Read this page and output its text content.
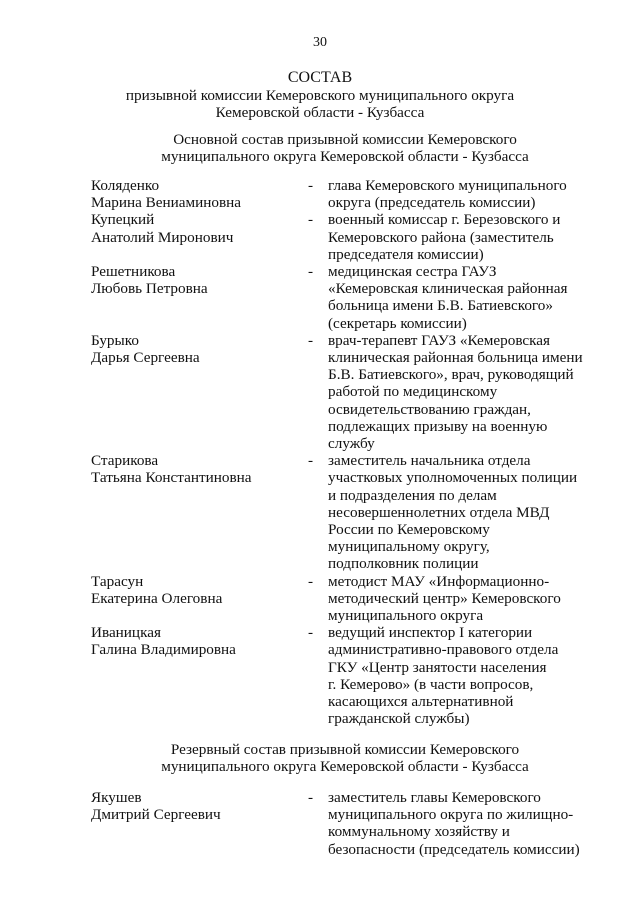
30
СОСТАВ
призывной комиссии Кемеровского муниципального округа
Кемеровской области - Кузбасса
Основной состав призывной комиссии Кемеровского
муниципального округа Кемеровской области - Кузбасса
Коляденко
Марина Вениаминовна
- глава Кемеровского муниципального
округа (председатель комиссии)
Купецкий
Анатолий Миронович
- военный комиссар г. Березовского и
Кемеровского района (заместитель
председателя комиссии)
Решетникова
Любовь Петровна
- медицинская сестра ГАУЗ
«Кемеровская клиническая районная
больница имени Б.В. Батиевского»
(секретарь комиссии)
Бурыко
Дарья Сергеевна
- врач-терапевт ГАУЗ «Кемеровская
клиническая районная больница имени
Б.В. Батиевского», врач, руководящий
работой по медицинскому
освидетельствованию граждан,
подлежащих призыву на военную
службу
Старикова
Татьяна Константиновна
- заместитель начальника отдела
участковых уполномоченных полиции
и подразделения по делам
несовершеннолетних отдела МВД
России по Кемеровскому
муниципальному округу,
подполковник полиции
Тарасун
Екатерина Олеговна
- методист МАУ «Информационно-
методический центр» Кемеровского
муниципального округа
Иваницкая
Галина Владимировна
- ведущий инспектор I категории
административно-правового отдела
ГКУ «Центр занятости населения
г. Кемерово» (в части вопросов,
касающихся альтернативной
гражданской службы)
Резервный состав призывной комиссии Кемеровского
муниципального округа Кемеровской области - Кузбасса
Якушев
Дмитрий Сергеевич
- заместитель главы Кемеровского
муниципального округа по жилищно-
коммунальному хозяйству и
безопасности (председатель комиссии)
